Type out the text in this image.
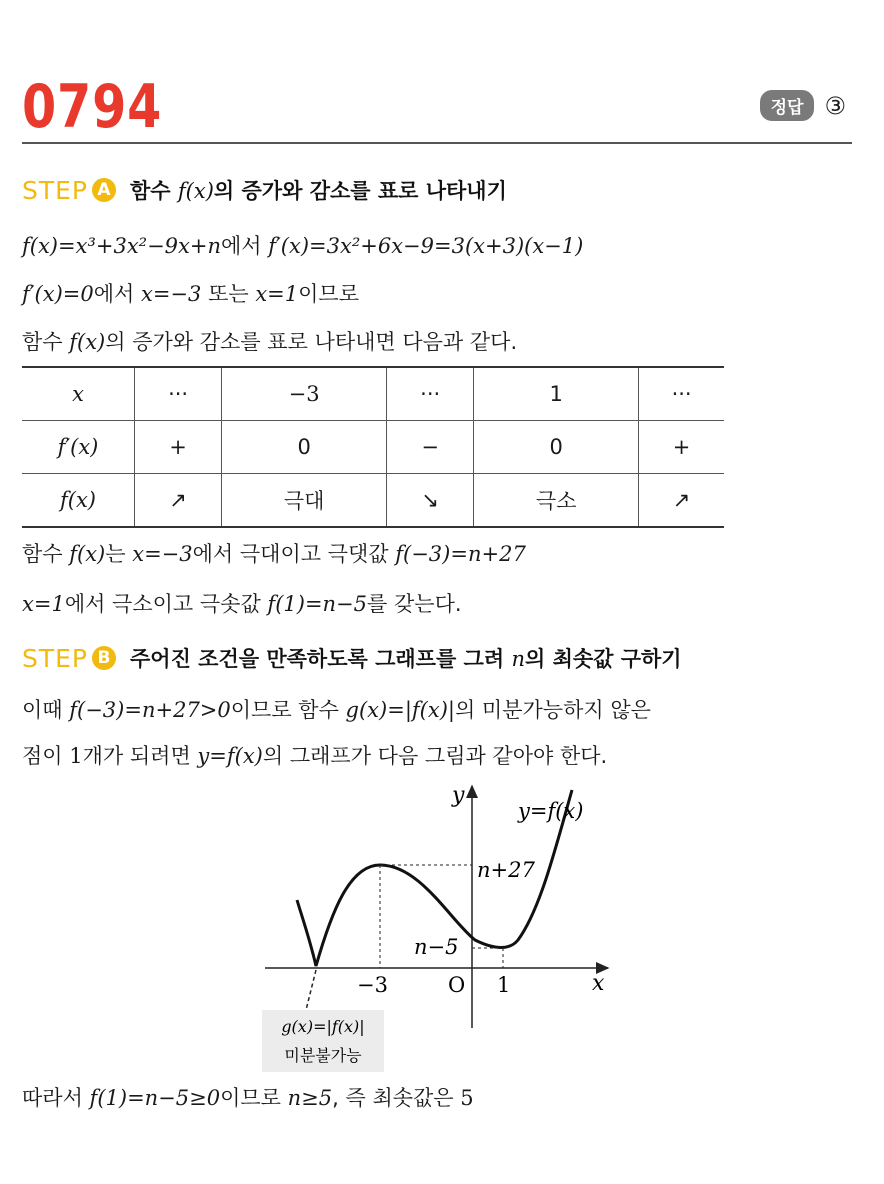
0794	정답 ③
STEP A 함수 f(x)의 증가와 감소를 표로 나타내기
f(x)=x³+3x²−9x+n에서 f′(x)=3x²+6x−9=3(x+3)(x−1)
f′(x)=0에서 x=−3 또는 x=1이므로
함수 f(x)의 증가와 감소를 표로 나타내면 다음과 같다.
x	···	−3	···	1	···
f′(x)	+	0	−	0	+
f(x)	↗	극대	↘	극소	↗
함수 f(x)는 x=−3에서 극대이고 극댓값 f(−3)=n+27
x=1에서 극소이고 극솟값 f(1)=n−5를 갖는다.
STEP B 주어진 조건을 만족하도록 그래프를 그려 n의 최솟값 구하기
이때 f(−3)=n+27>0이므로 함수 g(x)=|f(x)|의 미분가능하지 않은
점이 1개가 되려면 y=f(x)의 그래프가 다음 그림과 같아야 한다.
y
x
O
y=f(x)
n+27
n−5
−3	1
g(x)=|f(x)|
미분불가능
따라서 f(1)=n−5≥0이므로 n≥5, 즉 최솟값은 5
